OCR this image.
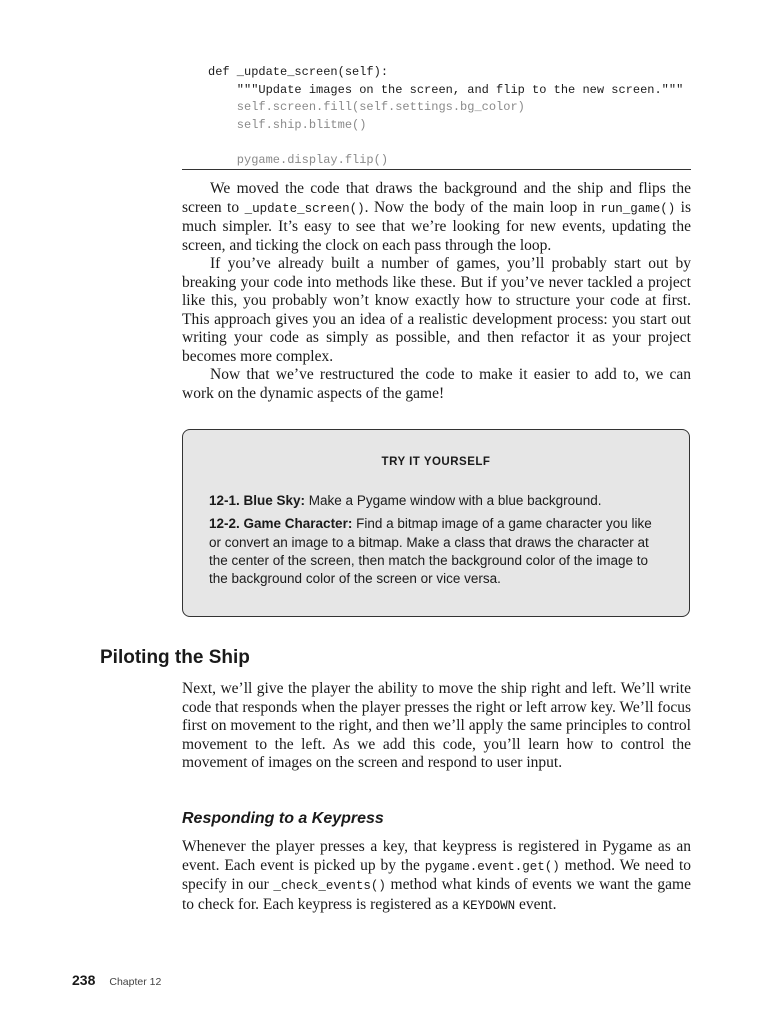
def _update_screen(self):
"""Update images on the screen, and flip to the new screen."""
self.screen.fill(self.settings.bg_color)
self.ship.blitme()
pygame.display.flip()

We moved the code that draws the background and the ship and flips the screen to _update_screen(). Now the body of the main loop in run_game() is much simpler. It’s easy to see that we’re looking for new events, updating the screen, and ticking the clock on each pass through the loop.

If you’ve already built a number of games, you’ll probably start out by breaking your code into methods like these. But if you’ve never tackled a project like this, you probably won’t know exactly how to structure your code at first. This approach gives you an idea of a realistic development process: you start out writing your code as simply as possible, and then refactor it as your project becomes more complex.

Now that we’ve restructured the code to make it easier to add to, we can work on the dynamic aspects of the game!

TRY IT YOURSELF
12-1. Blue Sky: Make a Pygame window with a blue background.
12-2. Game Character: Find a bitmap image of a game character you like or convert an image to a bitmap. Make a class that draws the character at the center of the screen, then match the background color of the image to the background color of the screen or vice versa.
Piloting the Ship

Next, we’ll give the player the ability to move the ship right and left. We’ll write code that responds when the player presses the right or left arrow key. We’ll focus first on movement to the right, and then we’ll apply the same principles to control movement to the left. As we add this code, you’ll learn how to control the movement of images on the screen and respond to user input.

Responding to a Keypress

Whenever the player presses a key, that keypress is registered in Pygame as an event. Each event is picked up by the pygame.event.get() method. We need to specify in our _check_events() method what kinds of events we want the game to check for. Each keypress is registered as a KEYDOWN event.

238 Chapter 12
